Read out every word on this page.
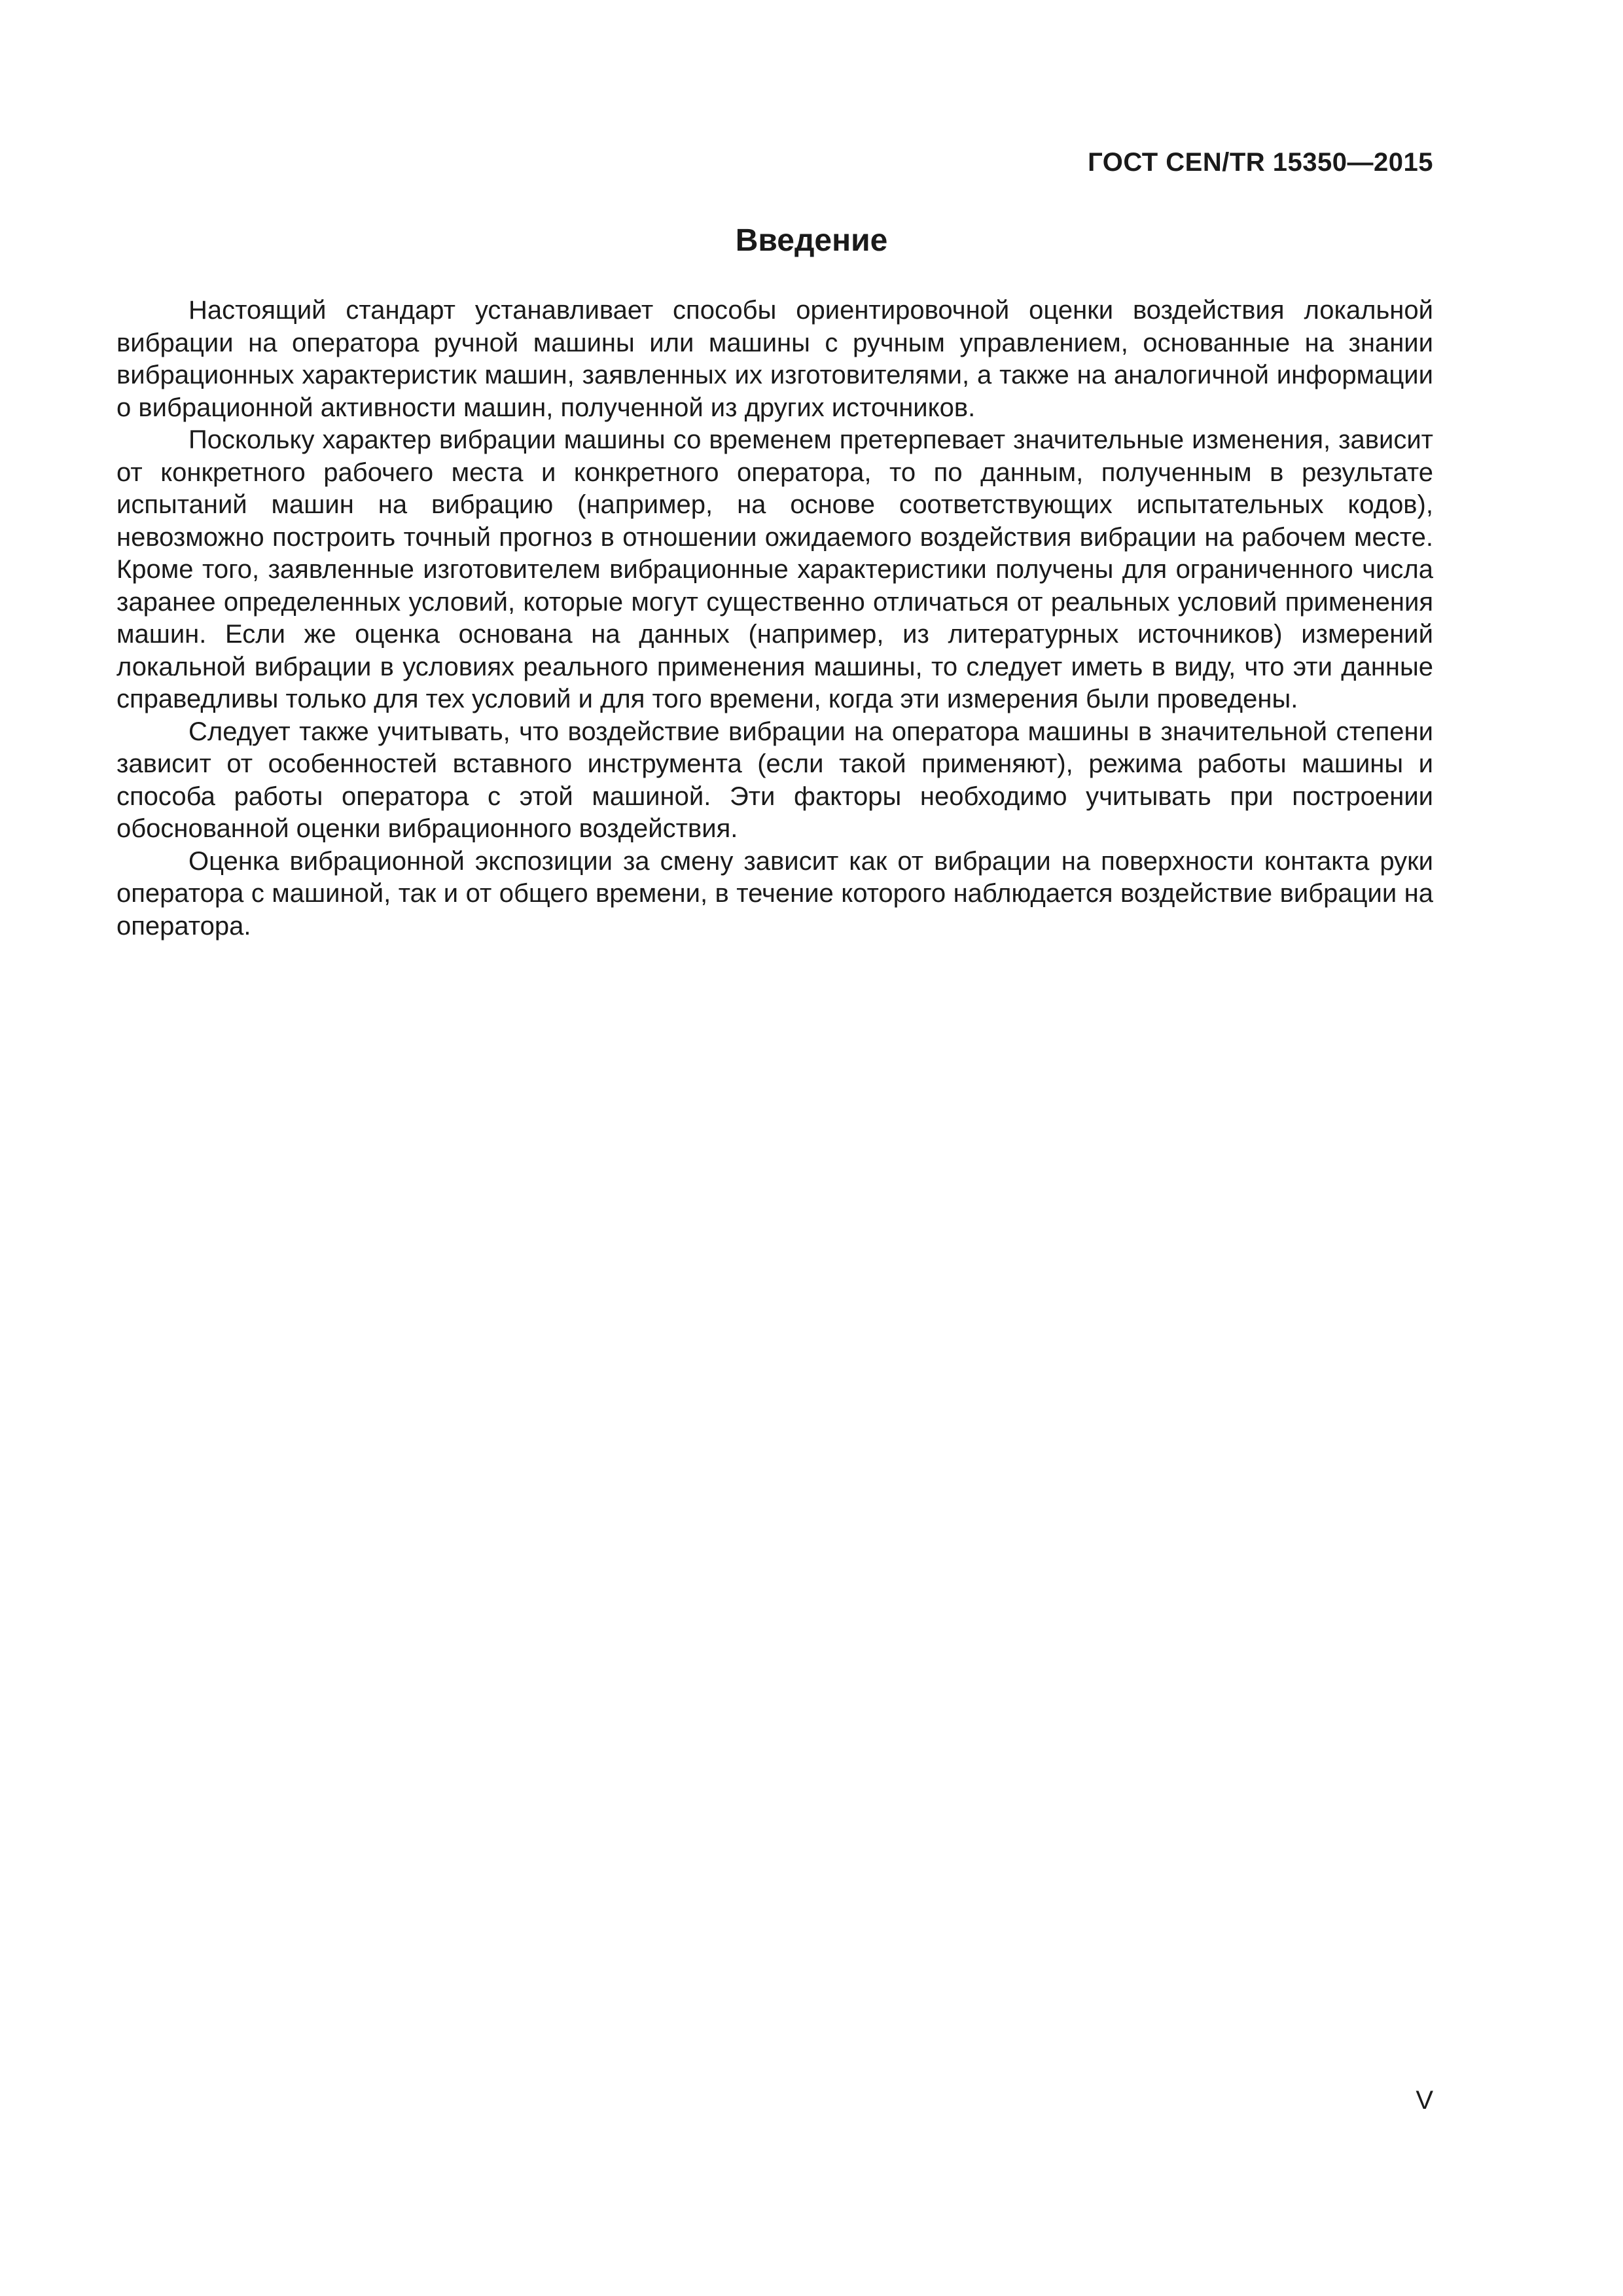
ГОСТ CEN/TR 15350—2015

Введение

Настоящий стандарт устанавливает способы ориентировочной оценки воздействия локальной вибрации на оператора ручной машины или машины с ручным управлением, основанные на знании вибрационных характеристик машин, заявленных их изготовителями, а также на аналогичной информации о вибрационной активности машин, полученной из других источников.

Поскольку характер вибрации машины со временем претерпевает значительные изменения, зависит от конкретного рабочего места и конкретного оператора, то по данным, полученным в результате испытаний машин на вибрацию (например, на основе соответствующих испытательных кодов), невозможно построить точный прогноз в отношении ожидаемого воздействия вибрации на рабочем месте. Кроме того, заявленные изготовителем вибрационные характеристики получены для ограниченного числа заранее определенных условий, которые могут существенно отличаться от реальных условий применения машин. Если же оценка основана на данных (например, из литературных источников) измерений локальной вибрации в условиях реального применения машины, то следует иметь в виду, что эти данные справедливы только для тех условий и для того времени, когда эти измерения были проведены.

Следует также учитывать, что воздействие вибрации на оператора машины в значительной степени зависит от особенностей вставного инструмента (если такой применяют), режима работы машины и способа работы оператора с этой машиной. Эти факторы необходимо учитывать при построении обоснованной оценки вибрационного воздействия.

Оценка вибрационной экспозиции за смену зависит как от вибрации на поверхности контакта руки оператора с машиной, так и от общего времени, в течение которого наблюдается воздействие вибрации на оператора.

V
